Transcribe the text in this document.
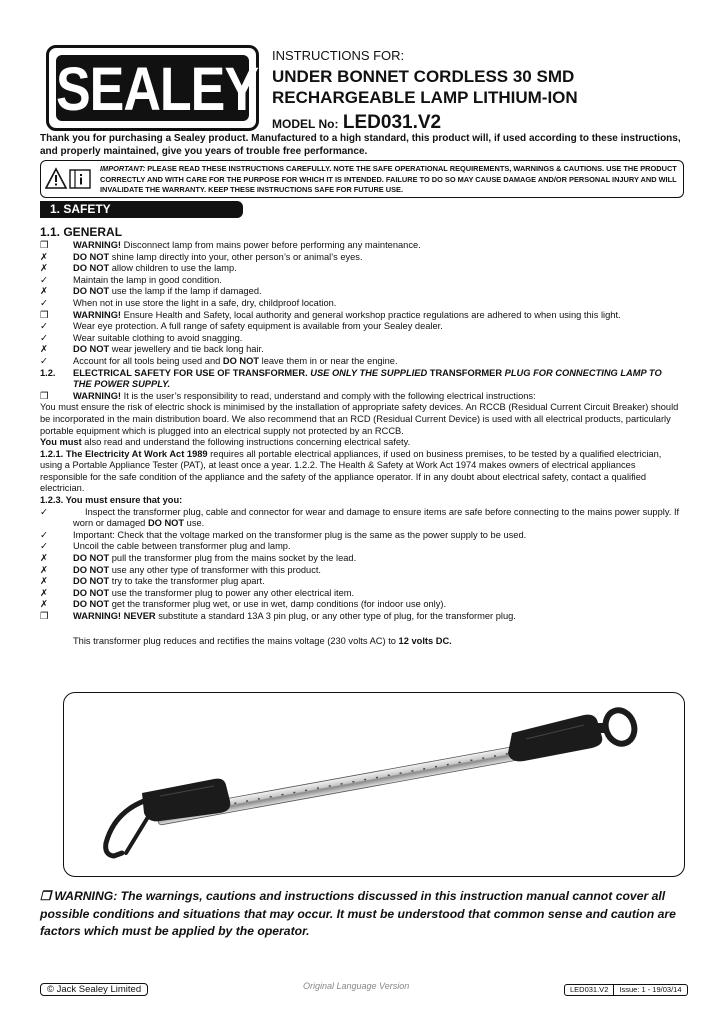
SEALEY
INSTRUCTIONS FOR:
UNDER BONNET CORDLESS 30 SMD
RECHARGEABLE LAMP LITHIUM-ION
MODEL No: LED031.V2
Thank you for purchasing a Sealey product. Manufactured to a high standard, this product will, if used according to these instructions, and properly maintained, give you years of trouble free performance.
IMPORTANT: PLEASE READ THESE INSTRUCTIONS CAREFULLY. NOTE THE SAFE OPERATIONAL REQUIREMENTS, WARNINGS & CAUTIONS. USE THE PRODUCT CORRECTLY AND WITH CARE FOR THE PURPOSE FOR WHICH IT IS INTENDED. FAILURE TO DO SO MAY CAUSE DAMAGE AND/OR PERSONAL INJURY AND WILL INVALIDATE THE WARRANTY. KEEP THESE INSTRUCTIONS SAFE FOR FUTURE USE.
1. SAFETY
1.1. GENERAL
❒	WARNING! Disconnect lamp from mains power before performing any maintenance.
✗	DO NOT shine lamp directly into your, other person’s or animal’s eyes.
✗	DO NOT allow children to use the lamp.
✓	Maintain the lamp in good condition.
✗	DO NOT use the lamp if the lamp if damaged.
✓	When not in use store the light in a safe, dry, childproof location.
❒	WARNING! Ensure Health and Safety, local authority and general workshop practice regulations are adhered to when using this light.
✓	Wear eye protection. A full range of safety equipment is available from your Sealey dealer.
✓	Wear suitable clothing to avoid snagging.
✗	DO NOT wear jewellery and tie back long hair.
✓	Account for all tools being used and DO NOT leave them in or near the engine.
1.2. ELECTRICAL SAFETY FOR USE OF TRANSFORMER. USE ONLY THE SUPPLIED TRANSFORMER PLUG FOR CONNECTING LAMP TO THE POWER SUPPLY.
❒	WARNING! It is the user’s responsibility to read, understand and comply with the following electrical instructions:
You must ensure the risk of electric shock is minimised by the installation of appropriate safety devices. An RCCB (Residual Current Circuit Breaker) should be incorporated in the main distribution board. We also recommend that an RCD (Residual Current Device) is used with all electrical products, particularly portable equipment which is plugged into an electrical supply not protected by an RCCB.
You must also read and understand the following instructions concerning electrical safety.
1.2.1. The Electricity At Work Act 1989 requires all portable electrical appliances, if used on business premises, to be tested by a qualified electrician, using a Portable Appliance Tester (PAT), at least once a year. 1.2.2. The Health & Safety at Work Act 1974 makes owners of electrical appliances responsible for the safe condition of the appliance and the safety of the appliance operator. If in any doubt about electrical safety, contact a qualified electrician.
1.2.3. You must ensure that you:
✓	Inspect the transformer plug, cable and connector for wear and damage to ensure items are safe before connecting to the mains power supply. If worn or damaged DO NOT use.
✓	Important: Check that the voltage marked on the transformer plug is the same as the power supply to be used.
✓	Uncoil the cable between transformer plug and lamp.
✗	DO NOT pull the transformer plug from the mains socket by the lead.
✗	DO NOT use any other type of transformer with this product.
✗	DO NOT try to take the transformer plug apart.
✗	DO NOT use the transformer plug to power any other electrical item.
✗	DO NOT get the transformer plug wet, or use in wet, damp conditions (for indoor use only).
❒	WARNING! NEVER substitute a standard 13A 3 pin plug, or any other type of plug, for the transformer plug.
This transformer plug reduces and rectifies the mains voltage (230 volts AC) to 12 volts DC.
❒ WARNING: The warnings, cautions and instructions discussed in this instruction manual cannot cover all possible conditions and situations that may occur. It must be understood that common sense and caution are factors which must be applied by the operator.
© Jack Sealey Limited	Original Language Version	LED031.V2	Issue: 1 - 19/03/14
